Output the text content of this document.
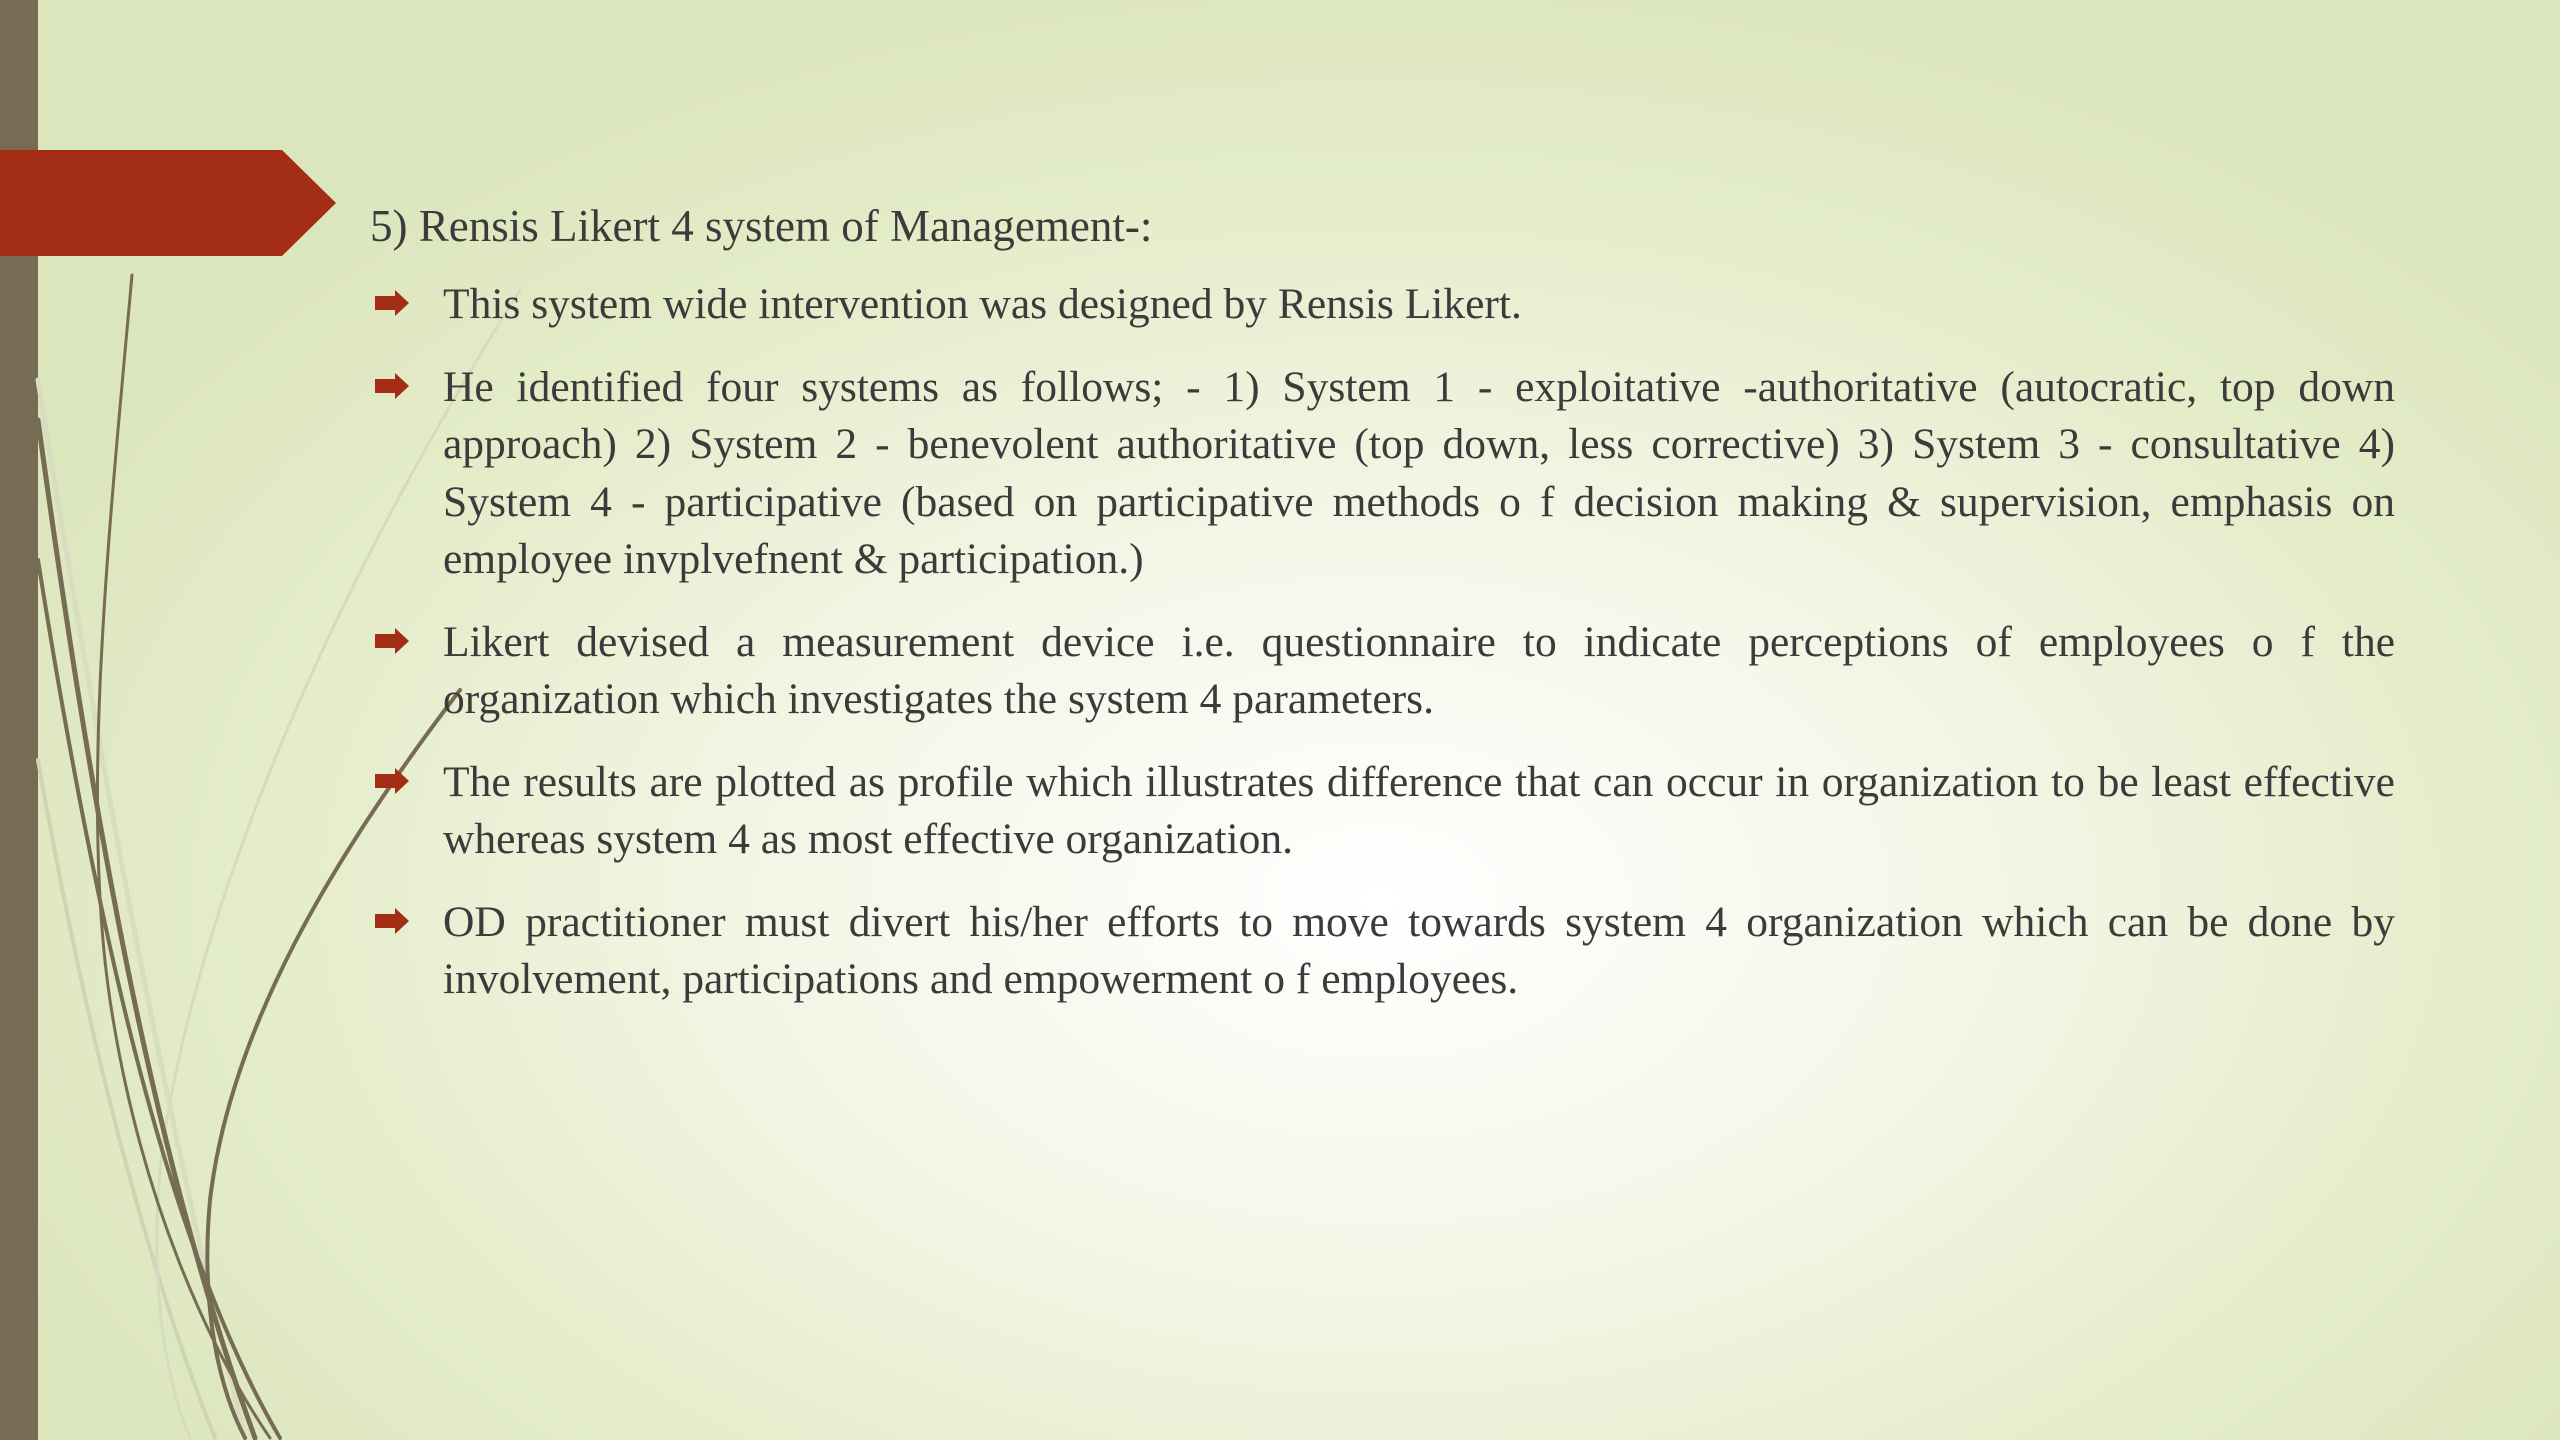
5) Rensis Likert 4 system of Management-:
This system wide intervention was designed by Rensis Likert.
He identified four systems as follows; - 1) System 1 - exploitative -authoritative (autocratic, top down approach) 2) System 2 - benevolent authoritative (top down, less corrective) 3) System 3 - consultative 4) System 4 - participative (based on participative methods o f decision making & supervision, emphasis on employee invplvefnent & participation.)
Likert devised a measurement device i.e. questionnaire to indicate perceptions of employees o f the organization which investigates the system 4 parameters.
The results are plotted as profile which illustrates difference that can occur in organization to be least effective whereas system 4 as most effective organization.
OD practitioner must divert his/her efforts to move towards system 4 organization which can be done by involvement, participations and empowerment o f employees.
